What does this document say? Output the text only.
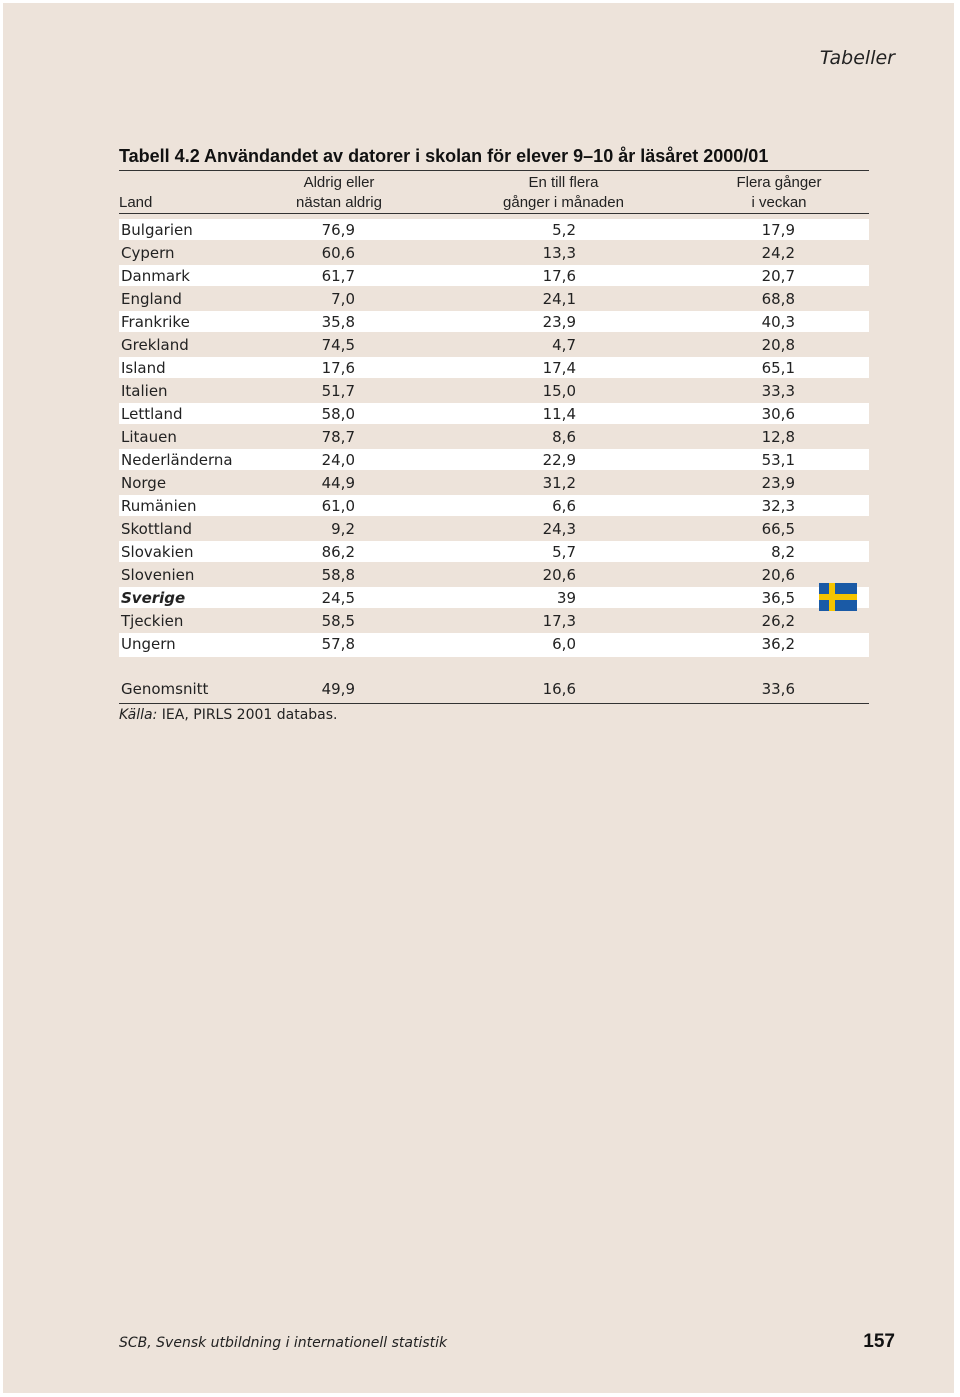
Tabeller
Tabell 4.2 Användandet av datorer i skolan för elever 9–10 år läsåret 2000/01
Land
Aldrig eller
nästan aldrig
En till flera
gånger i månaden
Flera gånger
i veckan
Bulgarien	76,9	5,2	17,9
Cypern	60,6	13,3	24,2
Danmark	61,7	17,6	20,7
England	7,0	24,1	68,8
Frankrike	35,8	23,9	40,3
Grekland	74,5	4,7	20,8
Island	17,6	17,4	65,1
Italien	51,7	15,0	33,3
Lettland	58,0	11,4	30,6
Litauen	78,7	8,6	12,8
Nederländerna	24,0	22,9	53,1
Norge	44,9	31,2	23,9
Rumänien	61,0	6,6	32,3
Skottland	9,2	24,3	66,5
Slovakien	86,2	5,7	8,2
Slovenien	58,8	20,6	20,6
Sverige	24,5	39	36,5
Tjeckien	58,5	17,3	26,2
Ungern	57,8	6,0	36,2
Genomsnitt	49,9	16,6	33,6
Källa: IEA, PIRLS 2001 databas.
SCB, Svensk utbildning i internationell statistik	157
